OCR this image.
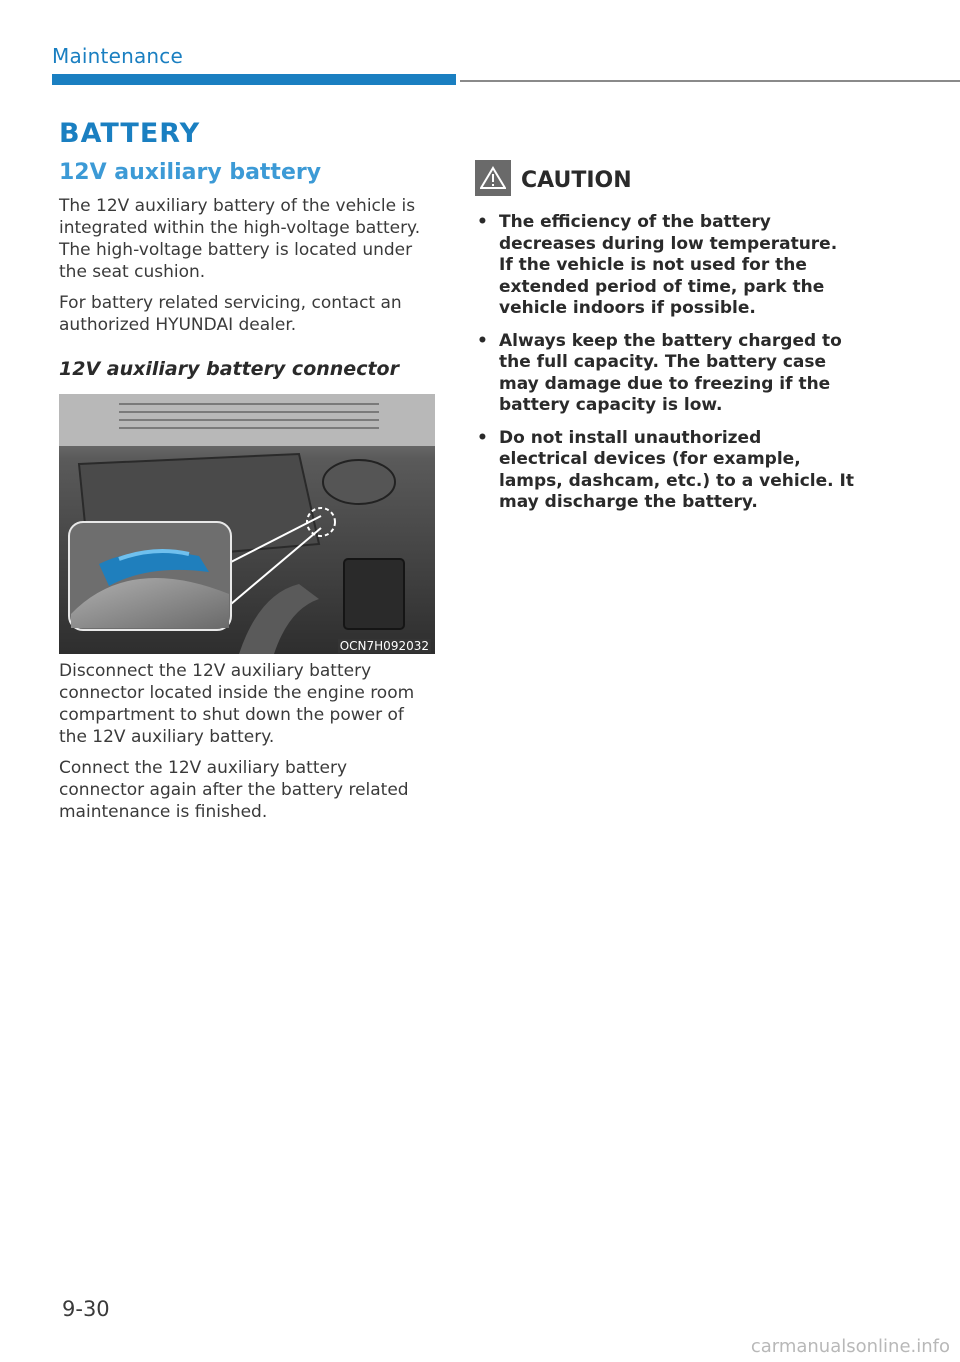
Maintenance
BATTERY
12V auxiliary battery

The 12V auxiliary battery of the vehicle is integrated within the high-voltage battery. The high-voltage battery is located under the seat cushion.

For battery related servicing, contact an authorized HYUNDAI dealer.

12V auxiliary battery connector
OCN7H092032

Disconnect the 12V auxiliary battery connector located inside the engine room compartment to shut down the power of the 12V auxiliary battery.

Connect the 12V auxiliary battery connector again after the battery related maintenance is finished.

CAUTION
• The efficiency of the battery decreases during low temperature. If the vehicle is not used for the extended period of time, park the vehicle indoors if possible.
• Always keep the battery charged to the full capacity. The battery case may damage due to freezing if the battery capacity is low.
• Do not install unauthorized electrical devices (for example, lamps, dashcam, etc.) to a vehicle. It may discharge the battery.
9-30
carmanualsonline.info
